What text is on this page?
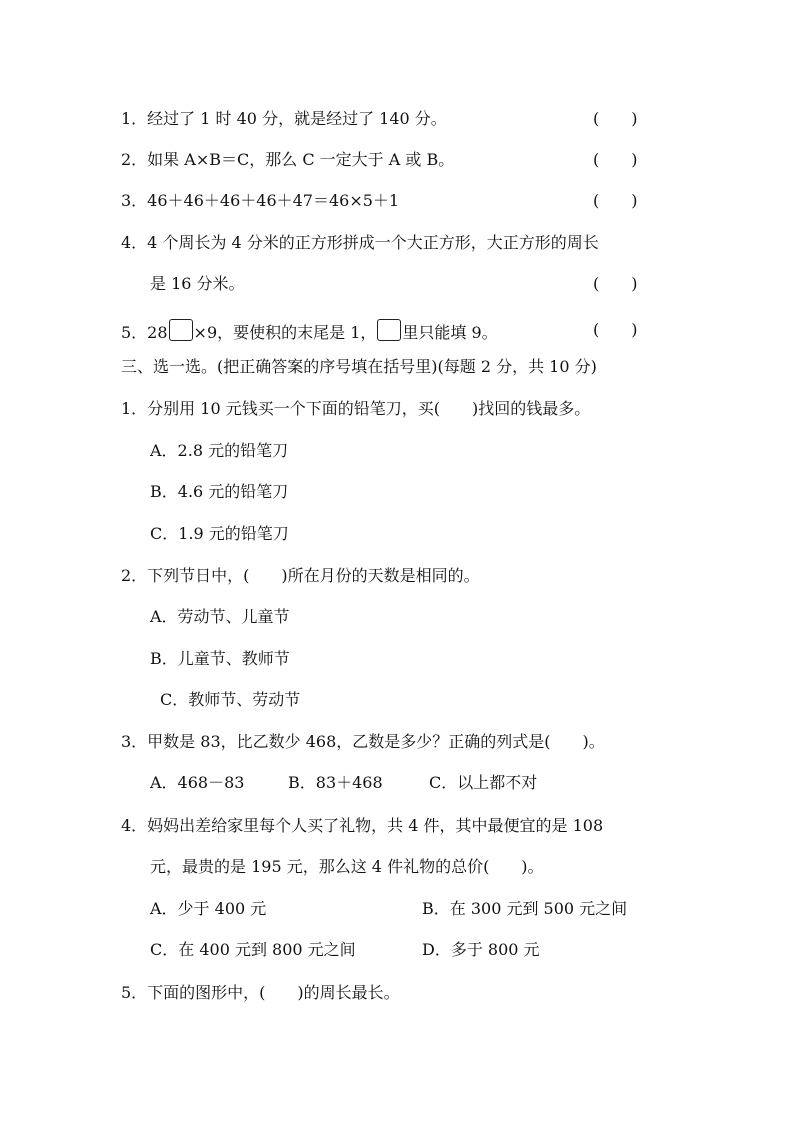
1．经过了 1 时 40 分，就是经过了 140 分。	(　　)
2．如果 A×B＝C，那么 C 一定大于 A 或 B。	(　　)
3．46＋46＋46＋46＋47＝46×5＋1	(　　)
4．4 个周长为 4 分米的正方形拼成一个大正方形，大正方形的周长
是 16 分米。	(　　)
5．28 ×9，要使积的末尾是 1， 里只能填 9。	(　　)
三、选一选。(把正确答案的序号填在括号里)(每题 2 分，共 10 分)
1．分别用 10 元钱买一个下面的铅笔刀，买(　　)找回的钱最多。
A．2.8 元的铅笔刀
B．4.6 元的铅笔刀
C．1.9 元的铅笔刀
2．下列节日中，(　　)所在月份的天数是相同的。
A．劳动节、儿童节
B．儿童节、教师节
C．教师节、劳动节
3．甲数是 83，比乙数少 468，乙数是多少？正确的列式是(　　)。
A．468－83	B．83＋468	C．以上都不对
4．妈妈出差给家里每个人买了礼物，共 4 件，其中最便宜的是 108
元，最贵的是 195 元，那么这 4 件礼物的总价(　　)。
A．少于 400 元	B．在 300 元到 500 元之间
C．在 400 元到 800 元之间	D．多于 800 元
5．下面的图形中，(　　)的周长最长。
